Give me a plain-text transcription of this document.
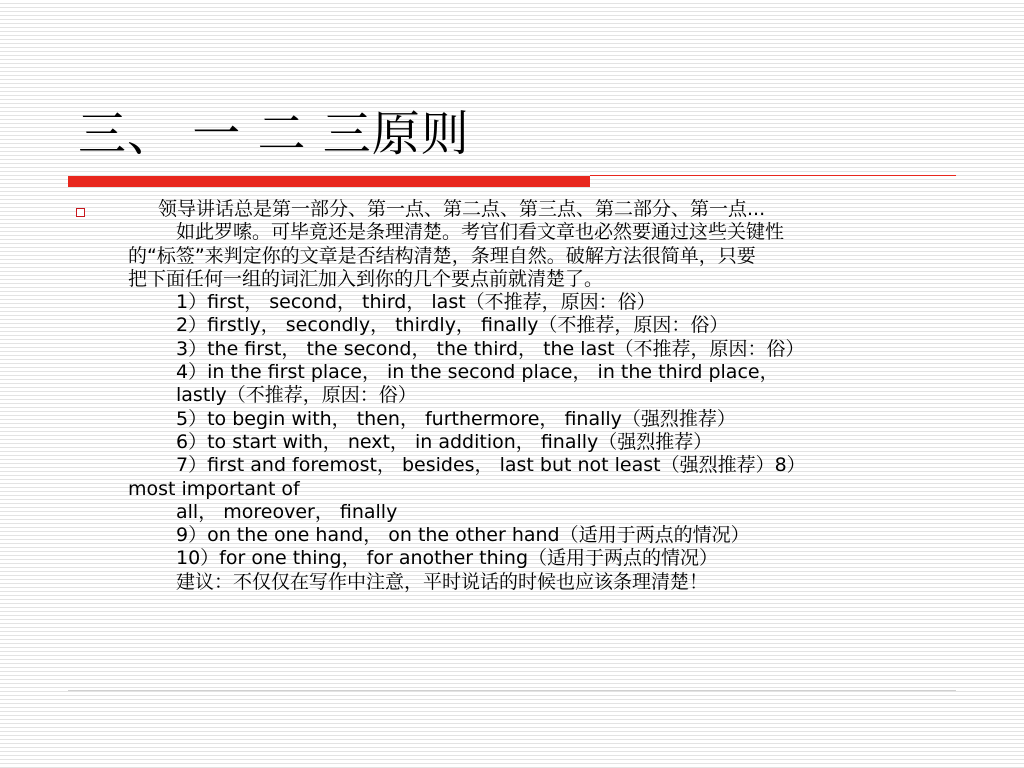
三、 一 二 三原则
领导讲话总是第一部分、第一点、第二点、第三点、第二部分、第一点...
如此罗嗦。可毕竟还是条理清楚。考官们看文章也必然要通过这些关键性
的“标签”来判定你的文章是否结构清楚，条理自然。破解方法很简单，只要
把下面任何一组的词汇加入到你的几个要点前就清楚了。
1）first， second， third， last（不推荐，原因：俗）
2）firstly， secondly， thirdly， finally（不推荐，原因：俗）
3）the first， the second， the third， the last（不推荐，原因：俗）
4）in the first place， in the second place， in the third place，
lastly（不推荐，原因：俗）
5）to begin with， then， furthermore， finally（强烈推荐）
6）to start with， next， in addition， finally（强烈推荐）
7）first and foremost， besides， last but not least（强烈推荐）8）
most important of
all， moreover， finally
9）on the one hand， on the other hand（适用于两点的情况）
10）for one thing， for another thing（适用于两点的情况）
建议：不仅仅在写作中注意，平时说话的时候也应该条理清楚！
